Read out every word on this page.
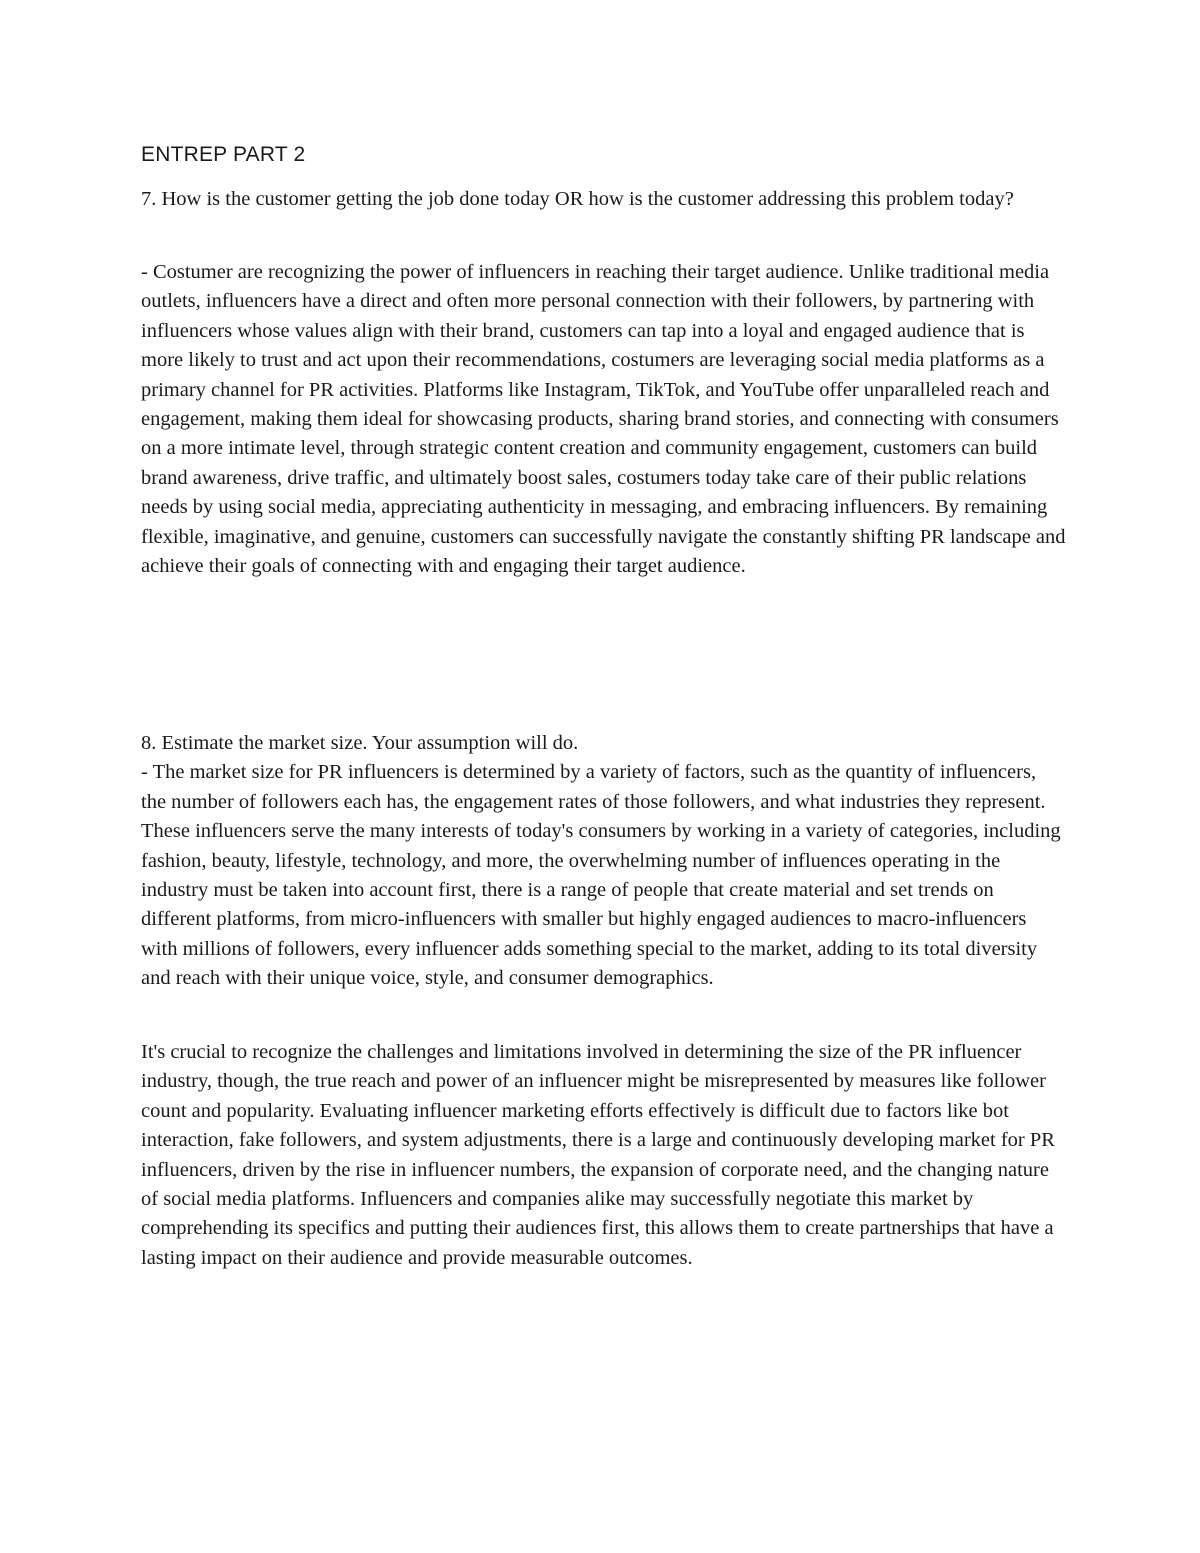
ENTREP PART 2

7. How is the customer getting the job done today OR how is the customer addressing this problem today?

- Costumer are recognizing the power of influencers in reaching their target audience. Unlike traditional media outlets, influencers have a direct and often more personal connection with their followers, by partnering with influencers whose values align with their brand, customers can tap into a loyal and engaged audience that is more likely to trust and act upon their recommendations, costumers are leveraging social media platforms as a primary channel for PR activities. Platforms like Instagram, TikTok, and YouTube offer unparalleled reach and engagement, making them ideal for showcasing products, sharing brand stories, and connecting with consumers on a more intimate level, through strategic content creation and community engagement, customers can build brand awareness, drive traffic, and ultimately boost sales, costumers today take care of their public relations needs by using social media, appreciating authenticity in messaging, and embracing influencers. By remaining flexible, imaginative, and genuine, customers can successfully navigate the constantly shifting PR landscape and achieve their goals of connecting with and engaging their target audience.

8. Estimate the market size. Your assumption will do.

- The market size for PR influencers is determined by a variety of factors, such as the quantity of influencers, the number of followers each has, the engagement rates of those followers, and what industries they represent. These influencers serve the many interests of today's consumers by working in a variety of categories, including fashion, beauty, lifestyle, technology, and more, the overwhelming number of influences operating in the industry must be taken into account first, there is a range of people that create material and set trends on different platforms, from micro-influencers with smaller but highly engaged audiences to macro-influencers with millions of followers, every influencer adds something special to the market, adding to its total diversity and reach with their unique voice, style, and consumer demographics.

It's crucial to recognize the challenges and limitations involved in determining the size of the PR influencer industry, though, the true reach and power of an influencer might be misrepresented by measures like follower count and popularity. Evaluating influencer marketing efforts effectively is difficult due to factors like bot interaction, fake followers, and system adjustments, there is a large and continuously developing market for PR influencers, driven by the rise in influencer numbers, the expansion of corporate need, and the changing nature of social media platforms. Influencers and companies alike may successfully negotiate this market by comprehending its specifics and putting their audiences first, this allows them to create partnerships that have a lasting impact on their audience and provide measurable outcomes.
